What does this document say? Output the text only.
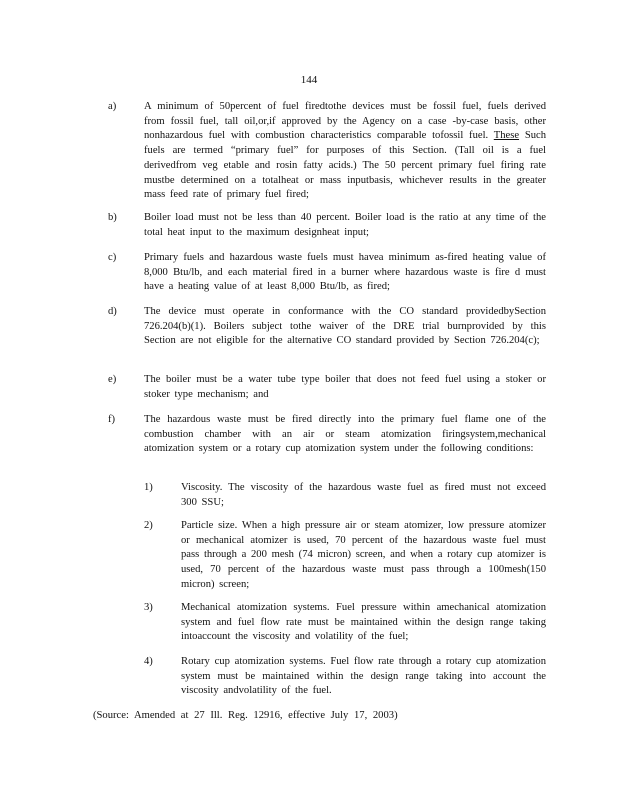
144
a)	A minimum of 50percent of fuel firedtothe devices must be fossil fuel, fuels derived from fossil fuel, tall oil,or,if approved by the Agency on a case -by-case basis, other nonhazardous fuel with combustion characteristics comparable tofossil fuel. These Such fuels are termed “primary fuel” for purposes of this Section. (Tall oil is a fuel derivedfrom veg etable and rosin fatty acids.) The 50 percent primary fuel firing rate mustbe determined on a totalheat or mass inputbasis, whichever results in the greater mass feed rate of primary fuel fired;
b)	Boiler load must not be less than 40 percent. Boiler load is the ratio at any time of the total heat input to the maximum designheat input;
c)	Primary fuels and hazardous waste fuels must havea minimum as-fired heating value of 8,000 Btu/lb, and each material fired in a burner where hazardous waste is fire d must have a heating value of at least 8,000 Btu/lb, as fired;
d)	The device must operate in conformance with the CO standard providedbySection 726.204(b)(1). Boilers subject tothe waiver of the DRE trial burnprovided by this Section are not eligible for the alternative CO standard provided by Section 726.204(c);
e)	The boiler must be a water tube type boiler that does not feed fuel using a stoker or stoker type mechanism; and
f)	The hazardous waste must be fired directly into the primary fuel flame one of the combustion chamber with an air or steam atomization firingsystem,mechanical atomization system or a rotary cup atomization system under the following conditions:
1)	Viscosity. The viscosity of the hazardous waste fuel as fired must not exceed 300 SSU;
2)	Particle size. When a high pressure air or steam atomizer, low pressure atomizer or mechanical atomizer is used, 70 percent of the hazardous waste fuel must pass through a 200 mesh (74 micron) screen, and when a rotary cup atomizer is used, 70 percent of the hazardous waste must pass through a 100mesh(150 micron) screen;
3)	Mechanical atomization systems. Fuel pressure within amechanical atomization system and fuel flow rate must be maintained within the design range taking intoaccount the viscosity and volatility of the fuel;
4)	Rotary cup atomization systems. Fuel flow rate through a rotary cup atomization system must be maintained within the design range taking into account the viscosity andvolatility of the fuel.
(Source: Amended at 27 Ill. Reg. 12916, effective July 17, 2003)
